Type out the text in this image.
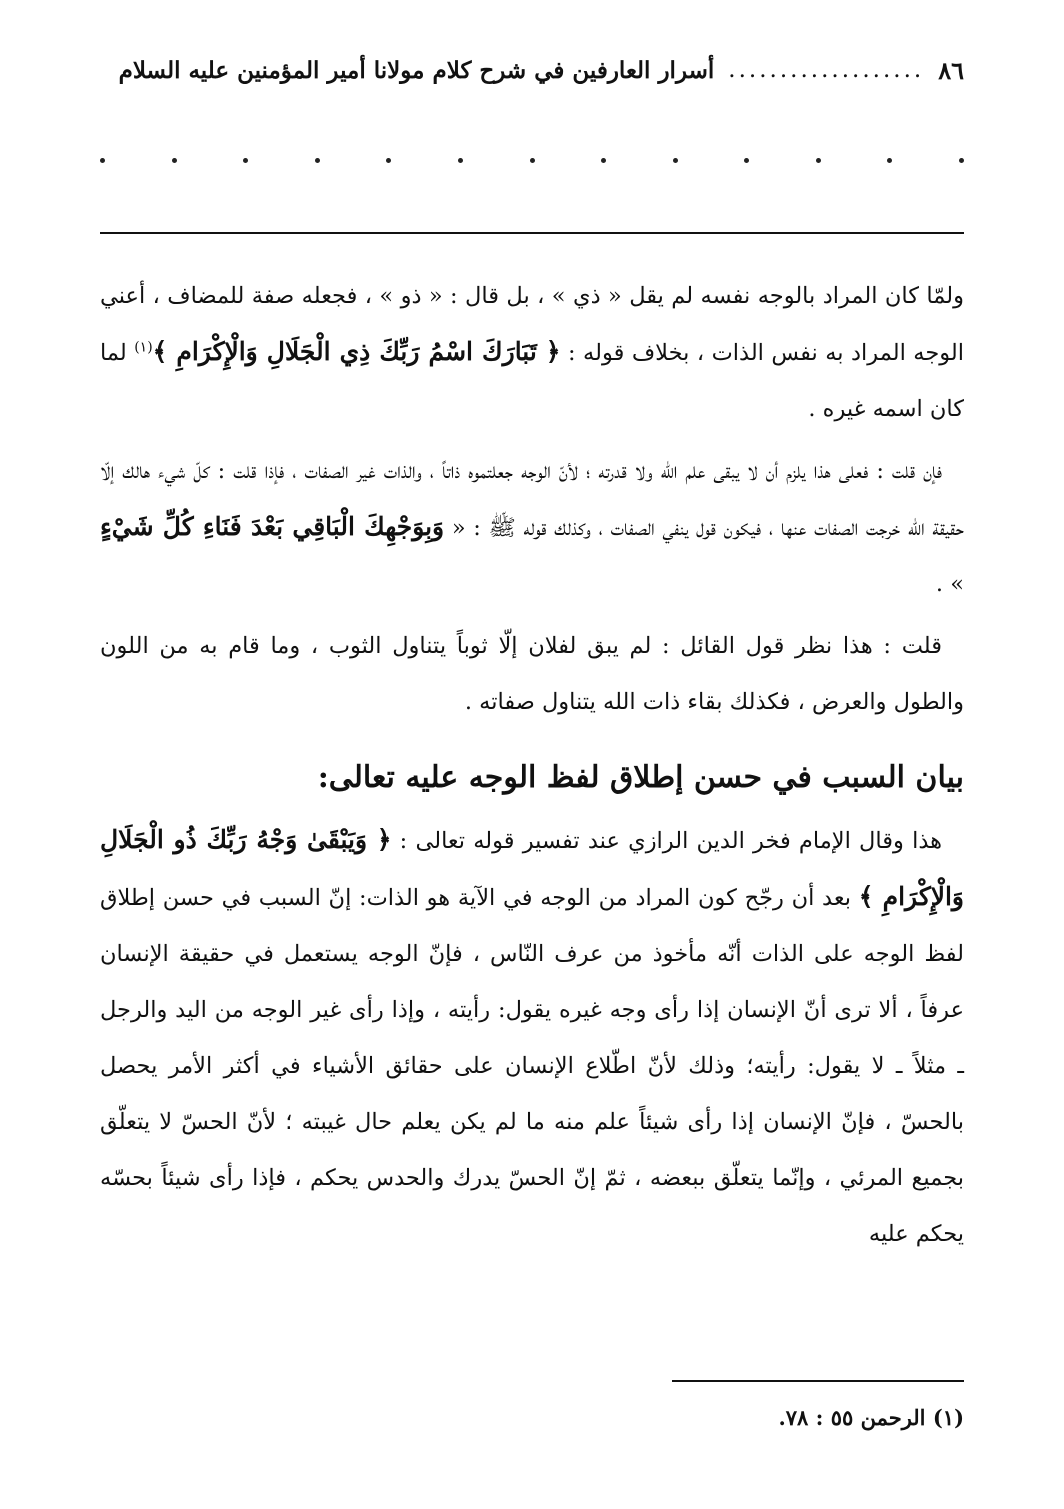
٨٦
...................
أسرار العارفين في شرح كلام مولانا أمير المؤمنين عليه السلام

ولمّا كان المراد بالوجه نفسه لم يقل « ذي » ، بل قال : « ذو » ، فجعله صفة للمضاف ، أعني الوجه المراد به نفس الذات ، بخلاف قوله : ﴿ تَبَارَكَ اسْمُ رَبِّكَ ذِي الْجَلَالِ وَالْإِكْرَامِ ﴾$^{(١)}$ لما كان اسمه غيره .

فإن قلت : فعلى هذا يلزم أن لا يبقى علم الله ولا قدرته ؛ لأنّ الوجه جعلتموه ذاتاً ، والذات غير الصفات ، فإذا قلت : كلّ شيء هالك إلّا حقيقة الله خرجت الصفات عنها ، فيكون قول ينفي الصفات ، وكذلك قوله ﷺ : « وَبِوَجْهِكَ الْبَاقِي بَعْدَ فَنَاءِ كُلِّ شَيْءٍ » .

قلت : هذا نظر قول القائل : لم يبق لفلان إلّا ثوباً يتناول الثوب ، وما قام به من اللون والطول والعرض ، فكذلك بقاء ذات الله يتناول صفاته .

بيان السبب في حسن إطلاق لفظ الوجه عليه تعالى:

هذا وقال الإمام فخر الدين الرازي عند تفسير قوله تعالى : ﴿ وَيَبْقَىٰ وَجْهُ رَبِّكَ ذُو الْجَلَالِ وَالْإِكْرَامِ ﴾ بعد أن رجّح كون المراد من الوجه في الآية هو الذات: إنّ السبب في حسن إطلاق لفظ الوجه على الذات أنّه مأخوذ من عرف النّاس ، فإنّ الوجه يستعمل في حقيقة الإنسان عرفاً ، ألا ترى أنّ الإنسان إذا رأى وجه غيره يقول: رأيته ، وإذا رأى غير الوجه من اليد والرجل ـ مثلاً ـ لا يقول: رأيته؛ وذلك لأنّ اطّلاع الإنسان على حقائق الأشياء في أكثر الأمر يحصل بالحسّ ، فإنّ الإنسان إذا رأى شيئاً علم منه ما لم يكن يعلم حال غيبته ؛ لأنّ الحسّ لا يتعلّق بجميع المرئي ، وإنّما يتعلّق ببعضه ، ثمّ إنّ الحسّ يدرك والحدس يحكم ، فإذا رأى شيئاً بحسّه يحكم عليه

(١) الرحمن ٥٥ : ٧٨.
